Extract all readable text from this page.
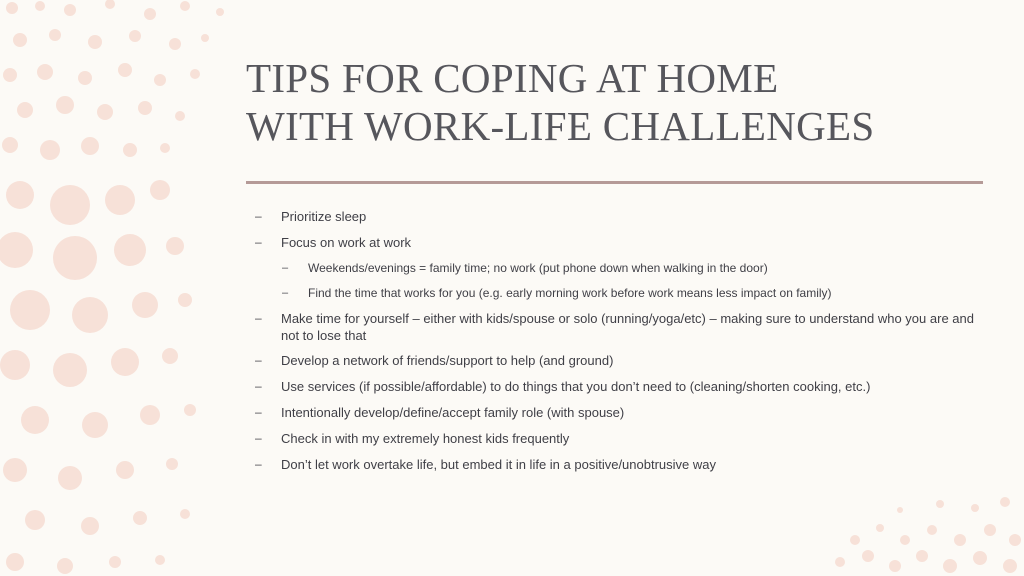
TIPS FOR COPING AT HOME
WITH WORK-LIFE CHALLENGES

– Prioritize sleep

– Focus on work at work

– Weekends/evenings = family time; no work (put phone down when walking in the door)

– Find the time that works for you (e.g. early morning work before work means less impact on family)

– Make time for yourself – either with kids/spouse or solo (running/yoga/etc) – making sure to understand who you are and not to lose that

– Develop a network of friends/support to help (and ground)

– Use services (if possible/affordable) to do things that you don’t need to (cleaning/shorten cooking, etc.)

– Intentionally develop/define/accept family role (with spouse)

– Check in with my extremely honest kids frequently

– Don’t let work overtake life, but embed it in life in a positive/unobtrusive way
